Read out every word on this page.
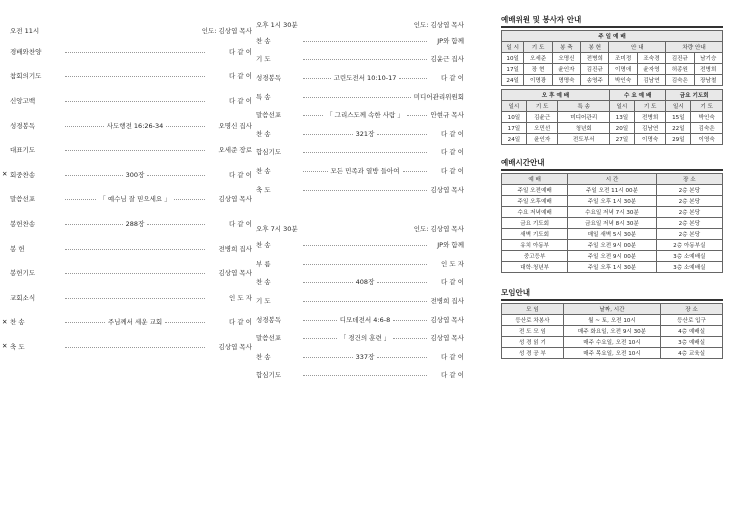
오전 11시	인도: 김상엽 목사
경배와찬양	다 같 이
참회의기도	다 같 이
신앙고백	다 같 이
성경봉독	사도행전 16:26-34	오명신 집사
대표기도	오세준 장로
✕ 회중찬송	300장	다 같 이
말씀선포	「 예수님 잘 믿으세요 」	김상엽 목사
봉헌찬송	288장	다 같 이
봉 헌	전병희 집사
봉헌기도	김상엽 목사
교회소식	인 도 자
✕ 찬 송	주님께서 세운 교회	다 같 이
✕ 축 도	김상엽 목사
오후 1시 30분	인도: 김상엽 목사
찬 송	JP와 함께
기 도	김윤근 집사
성경봉독	고린도전서 10:10-17	다 같 이
특 송	미디어관리위원회
말씀선포	「 그리스도께 속한 사람 」	안현규 목사
찬 송	321장	다 같 이
합심기도	다 같 이
찬 송	모든 민족과 열방 들아여	다 같 이
축 도	김상엽 목사
오후 7시 30분	인도: 김상엽 목사
찬 송	JP와 함께
부 름	인 도 자
찬 송	408장	다 같 이
기 도	전병희 집사
성경봉독	디모데전서 4:6-8	김상엽 목사
말씀선포	「 경건의 훈련 」	김상엽 목사
찬 송	337장	다 같 이
합심기도	다 같 이
예배위원 및 봉사자 안내
주 일 예 배							
일 시	기 도	봉 축	봉 헌	안 내		차량 안내	
10일	오세준	오명신	전병희	조미정	조숙경	김진규	남기승
17일	장 현	윤인자	김진규	이명애	윤자영	허종원	전병희
24일	이명광	명명숙	송영주	박인숙	김남연	김숙은	장남철
오 후 예 배			수 요 예 배		금요 기도회	
일시	기 도	특 송	일시	기 도	일시	기 도
10일	김윤근	미디어관리	13일	전병희	15일	박인숙
17일	오민선	청년회	20일	김남연	22일	김숙은
24일	윤인자	전도부서	27일	이명숙	29일	이영숙
예배시간안내
예 배	시 간	장 소
주일 오전예배	주일 오전 11시 00분	2층 본당
주일 오후예배	주일 오후 1시 30분	2층 본당
수요 저녁예배	수요일 저녁 7시 30분	2층 본당
금요 기도회	금요일 저녁 8시 30분	2층 본당
새벽 기도회	매일 새벽 5시 30분	2층 본당
유치 아동부	주일 오전 9시 00분	2층 아동부실
중고등부	주일 오전 9시 00분	3층 소예배실
대학·청년부	주일 오후 1시 30분	3층 소예배실
모임안내
모 임	날짜, 시간	장 소
등산로 차봉사	월 ~ 토, 오전 10시	등산로 입구
전 도 모 임	매주 화요일, 오전 9시 30분	4층 예배실
성 경 읽 기	매주 수요일, 오전 10시	3층 예배실
성 경 공 부	매주 목요일, 오전 10시	4층 교육실
